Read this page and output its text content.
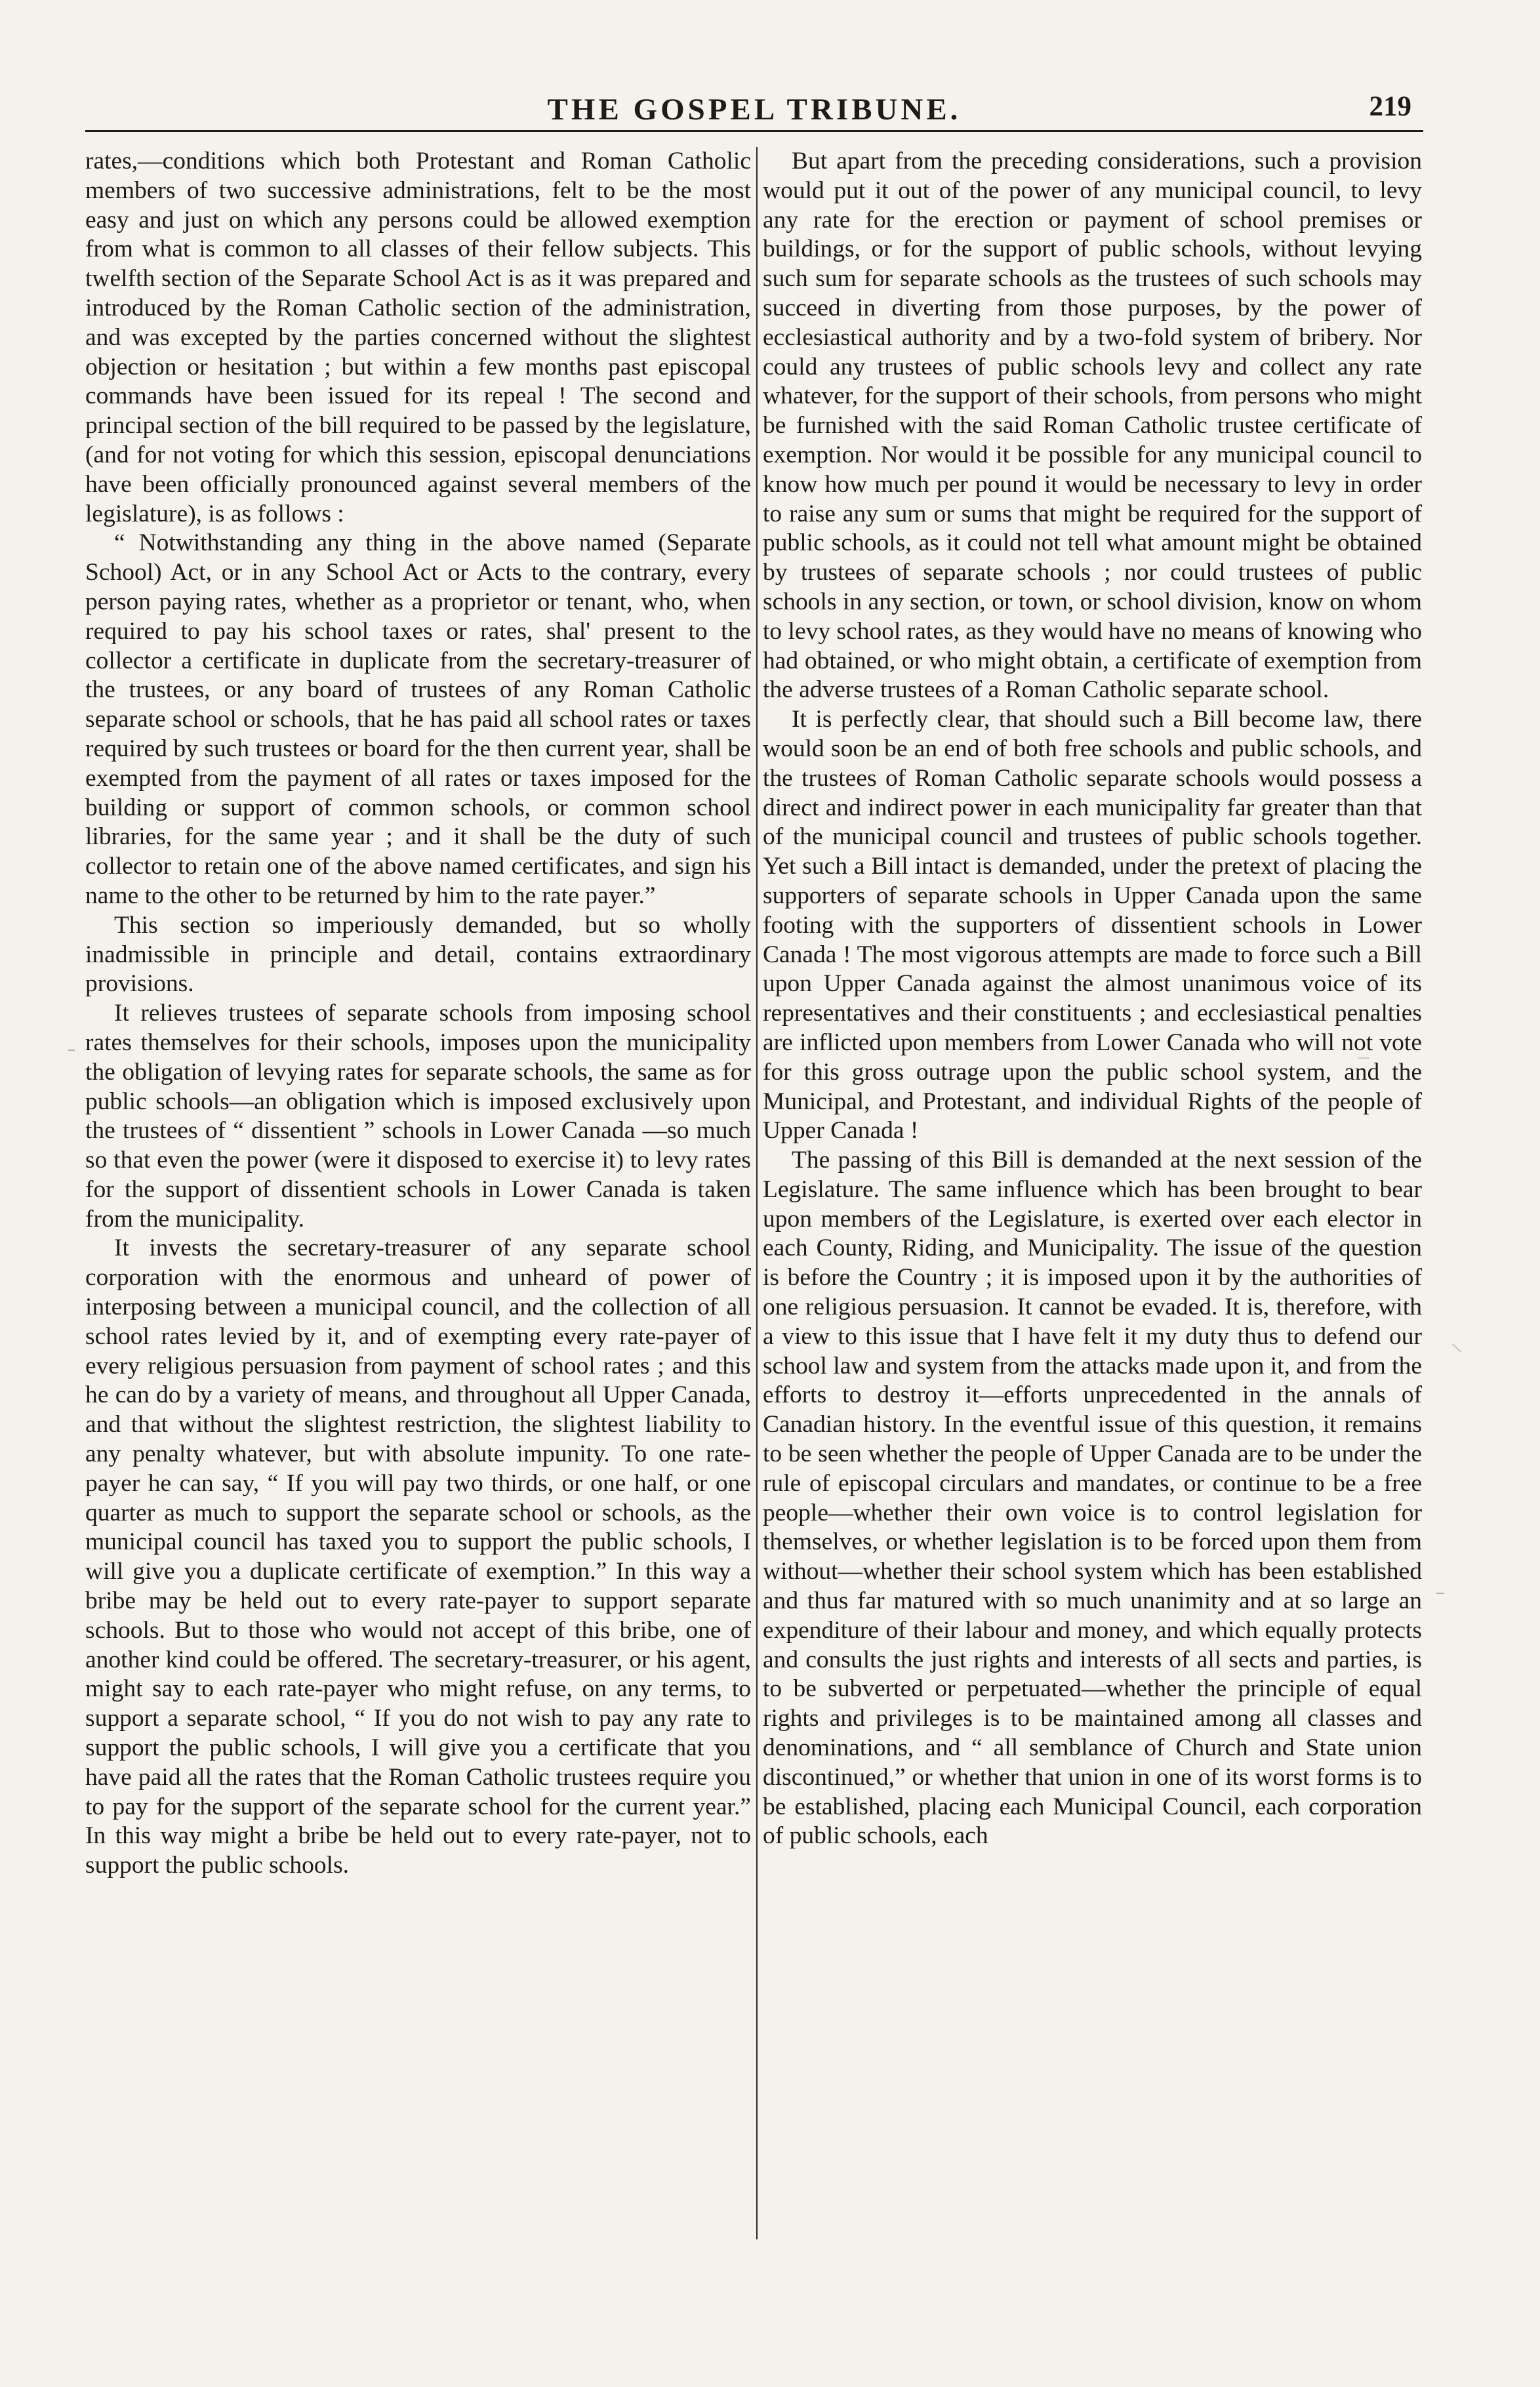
THE GOSPEL TRIBUNE.	219

rates,—conditions which both Protestant and Roman Catholic members of two successive administrations, felt to be the most easy and just on which any persons could be allowed exemption from what is common to all classes of their fellow subjects. This twelfth section of the Separate School Act is as it was prepared and introduced by the Roman Catholic section of the administration, and was excepted by the parties concerned without the slightest objection or hesitation ; but within a few months past episcopal commands have been issued for its repeal ! The second and principal section of the bill required to be passed by the legislature, (and for not voting for which this session, episcopal denunciations have been officially pronounced against several members of the legislature), is as follows :

“ Notwithstanding any thing in the above named (Separate School) Act, or in any School Act or Acts to the contrary, every person paying rates, whether as a proprietor or tenant, who, when required to pay his school taxes or rates, shal' present to the collector a certificate in duplicate from the secretary-treasurer of the trustees, or any board of trustees of any Roman Catholic separate school or schools, that he has paid all school rates or taxes required by such trustees or board for the then current year, shall be exempted from the payment of all rates or taxes imposed for the building or support of common schools, or common school libraries, for the same year ; and it shall be the duty of such collector to retain one of the above named certificates, and sign his name to the other to be returned by him to the rate payer.”

This section so imperiously demanded, but so wholly inadmissible in principle and detail, contains extraordinary provisions.

It relieves trustees of separate schools from imposing school rates themselves for their schools, imposes upon the municipality the obligation of levying rates for separate schools, the same as for public schools—an obligation which is imposed exclusively upon the trustees of “ dissentient ” schools in Lower Canada —so much so that even the power (were it disposed to exercise it) to levy rates for the support of dissentient schools in Lower Canada is taken from the municipality.

It invests the secretary-treasurer of any separate school corporation with the enormous and unheard of power of interposing between a municipal council, and the collection of all school rates levied by it, and of exempting every rate-payer of every religious persuasion from payment of school rates ; and this he can do by a variety of means, and throughout all Upper Canada, and that without the slightest restriction, the slightest liability to any penalty whatever, but with absolute impunity. To one rate-payer he can say, “ If you will pay two thirds, or one half, or one quarter as much to support the separate school or schools, as the municipal council has taxed you to support the public schools, I will give you a duplicate certificate of exemption.” In this way a bribe may be held out to every rate-payer to support separate schools. But to those who would not accept of this bribe, one of another kind could be offered. The secretary-treasurer, or his agent, might say to each rate-payer who might refuse, on any terms, to support a separate school, “ If you do not wish to pay any rate to support the public schools, I will give you a certificate that you have paid all the rates that the Roman Catholic trustees require you to pay for the support of the separate school for the current year.” In this way might a bribe be held out to every rate-payer, not to support the public schools.

But apart from the preceding considerations, such a provision would put it out of the power of any municipal council, to levy any rate for the erection or payment of school premises or buildings, or for the support of public schools, without levying such sum for separate schools as the trustees of such schools may succeed in diverting from those purposes, by the power of ecclesiastical authority and by a two-fold system of bribery. Nor could any trustees of public schools levy and collect any rate whatever, for the support of their schools, from persons who might be furnished with the said Roman Catholic trustee certificate of exemption. Nor would it be possible for any municipal council to know how much per pound it would be necessary to levy in order to raise any sum or sums that might be required for the support of public schools, as it could not tell what amount might be obtained by trustees of separate schools ; nor could trustees of public schools in any section, or town, or school division, know on whom to levy school rates, as they would have no means of knowing who had obtained, or who might obtain, a certificate of exemption from the adverse trustees of a Roman Catholic separate school.

It is perfectly clear, that should such a Bill become law, there would soon be an end of both free schools and public schools, and the trustees of Roman Catholic separate schools would possess a direct and indirect power in each municipality far greater than that of the municipal council and trustees of public schools together. Yet such a Bill intact is demanded, under the pretext of placing the supporters of separate schools in Upper Canada upon the same footing with the supporters of dissentient schools in Lower Canada ! The most vigorous attempts are made to force such a Bill upon Upper Canada against the almost unanimous voice of its representatives and their constituents ; and ecclesiastical penalties are inflicted upon members from Lower Canada who will not vote for this gross outrage upon the public school system, and the Municipal, and Protestant, and individual Rights of the people of Upper Canada !

The passing of this Bill is demanded at the next session of the Legislature. The same influence which has been brought to bear upon members of the Legislature, is exerted over each elector in each County, Riding, and Municipality. The issue of the question is before the Country ; it is imposed upon it by the authorities of one religious persuasion. It cannot be evaded. It is, therefore, with a view to this issue that I have felt it my duty thus to defend our school law and system from the attacks made upon it, and from the efforts to destroy it—efforts unprecedented in the annals of Canadian history. In the eventful issue of this question, it remains to be seen whether the people of Upper Canada are to be under the rule of episcopal circulars and mandates, or continue to be a free people—whether their own voice is to control legislation for themselves, or whether legislation is to be forced upon them from without—whether their school system which has been established and thus far matured with so much unanimity and at so large an expenditure of their labour and money, and which equally protects and consults the just rights and interests of all sects and parties, is to be subverted or perpetuated—whether the principle of equal rights and privileges is to be maintained among all classes and denominations, and “ all semblance of Church and State union discontinued,” or whether that union in one of its worst forms is to be established, placing each Municipal Council, each corporation of public schools, each
